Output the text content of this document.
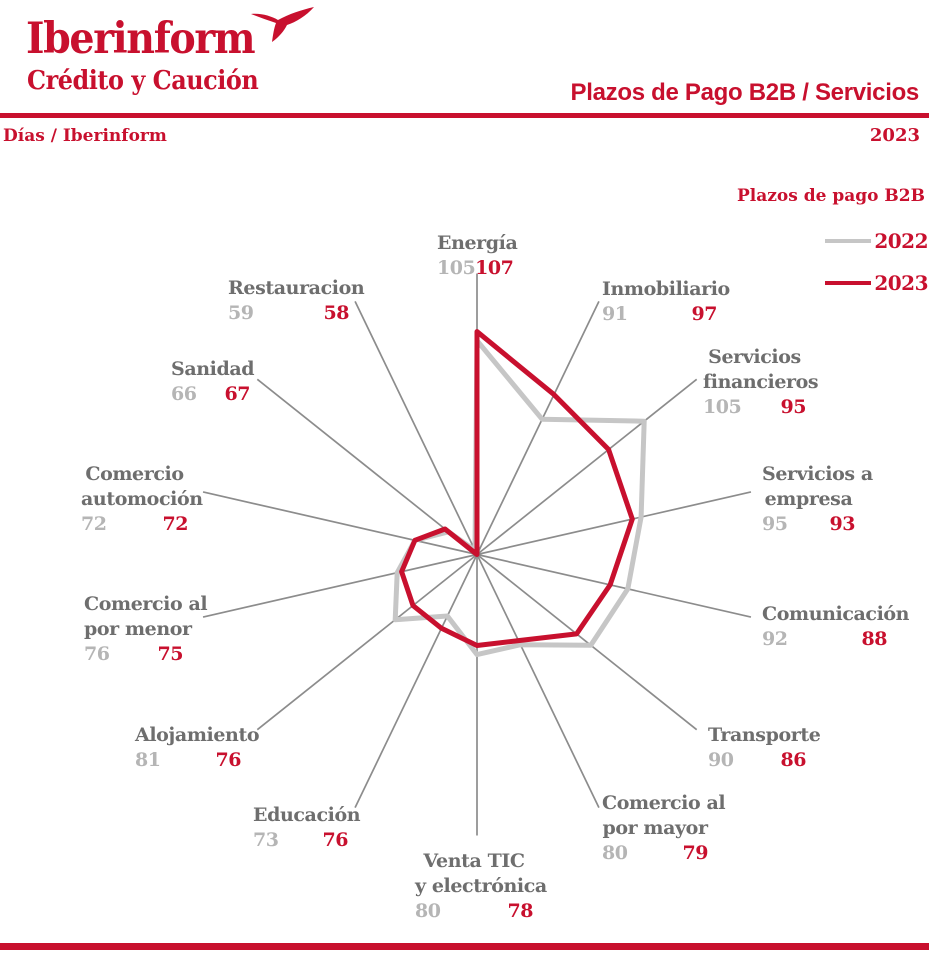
Iberinform
Crédito y Caución	Plazos de Pago B2B / Servicios
Días / Iberinform	2023
Plazos de pago B2B
2022
2023
Energía
105 107
Inmobiliario
91	97
Servicios
financieros
105 95
Servicios a
empresa
95 93
Comunicación
92	88
Transporte
90 86
Comercio al
por mayor
80	79
Venta TIC
y electrónica
80	78
Educación
73 76
Alojamiento
81	76
Comercio al
por menor
76	75
Comercio
automoción
72	72
Sanidad
66 67
Restauracion
59	58
